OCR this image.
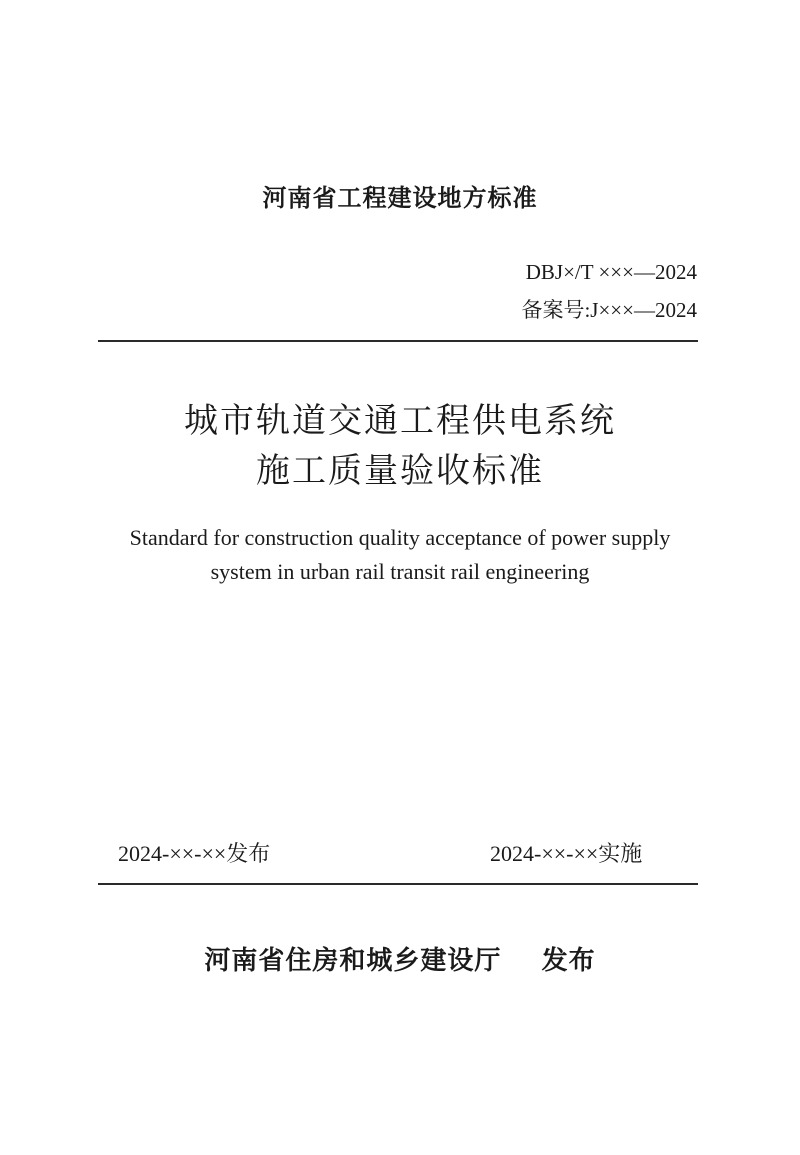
河南省工程建设地方标准
DBJ×/T ×××—2024
备案号:J×××—2024
城市轨道交通工程供电系统
施工质量验收标准
Standard for construction quality acceptance of power supply
system in urban rail transit rail engineering
2024-××-××发布	2024-××-××实施
河南省住房和城乡建设厅    发布
